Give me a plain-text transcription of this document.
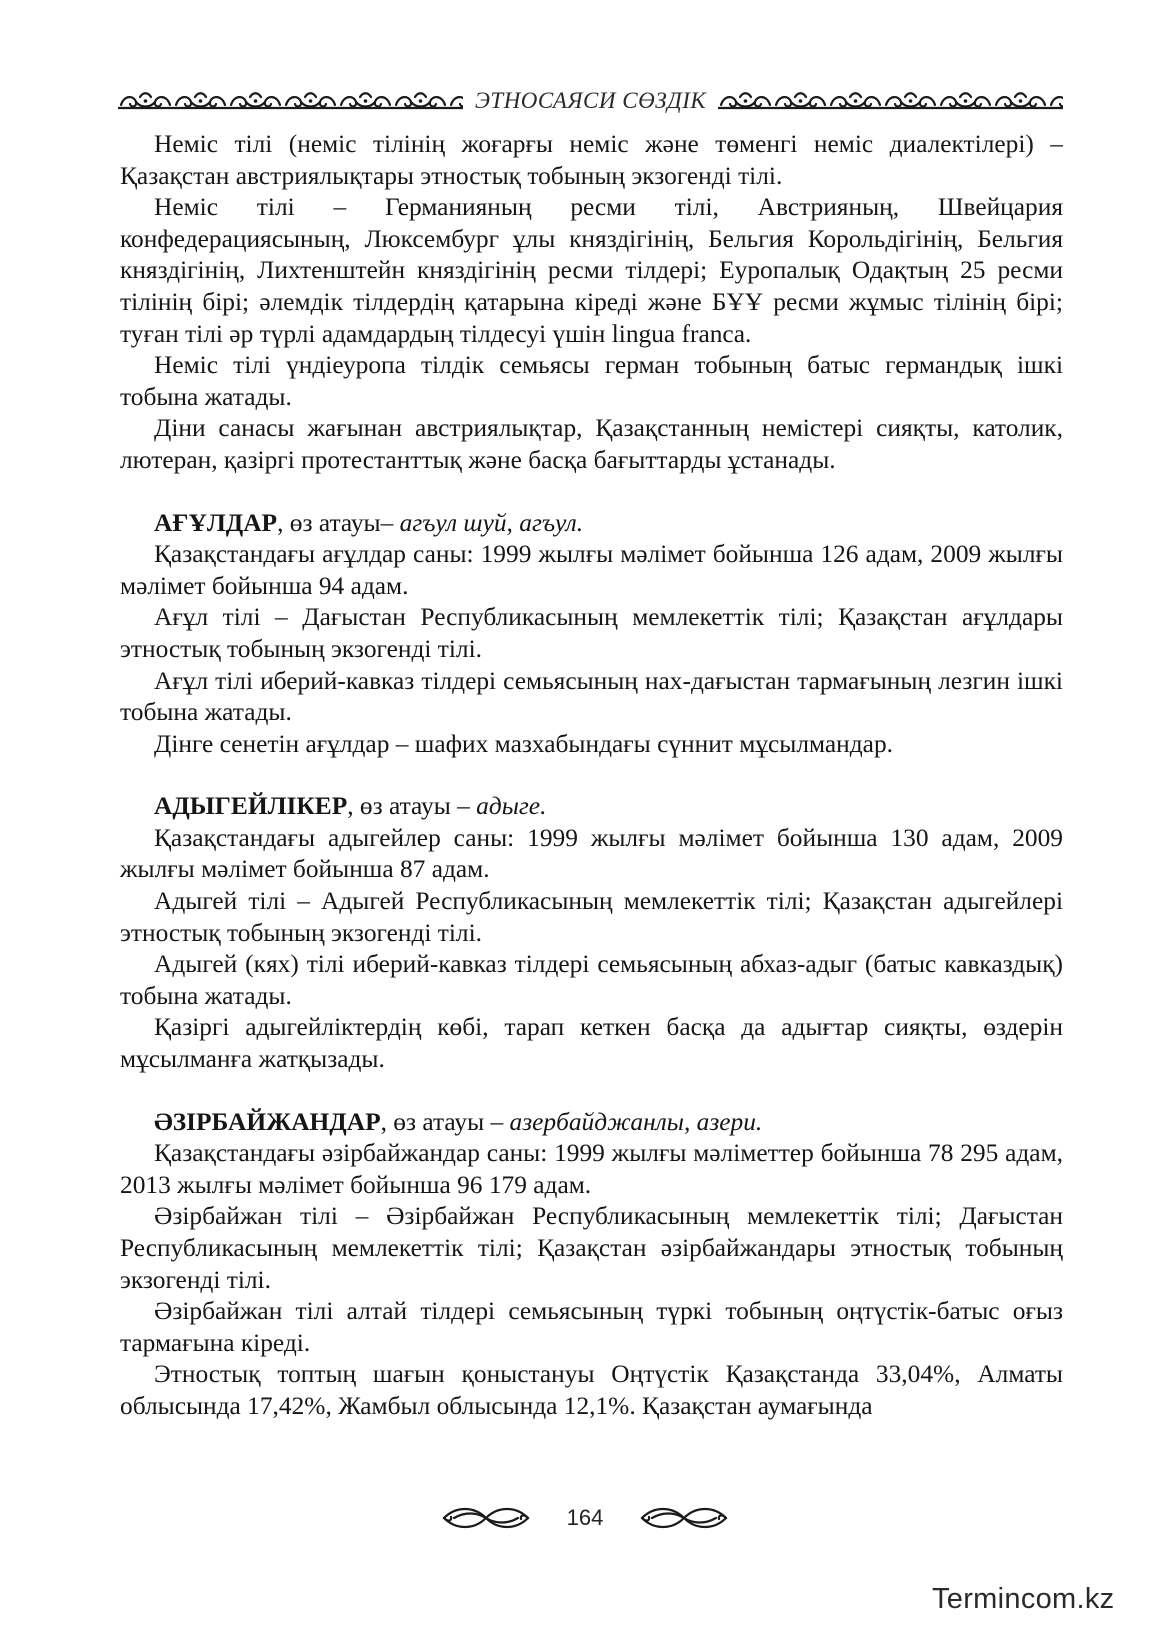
ЭТНОСАЯСИ СӨЗДІК

Неміс тілі (неміс тілінің жоғарғы неміс және төменгі неміс диалектілері) – Қазақстан австриялықтары этностық тобының экзогенді тілі.

Неміс тілі – Германияның ресми тілі, Австрияның, Швейцария конфедерациясының, Люксембург ұлы княздігінің, Бельгия Корольдігінің, Бельгия княздігінің, Лихтенштейн княздігінің ресми тілдері; Еуропалық Одақтың 25 ресми тілінің бірі; әлемдік тілдердің қатарына кіреді және БҰҰ ресми жұмыс тілінің бірі; туған тілі әр түрлі адамдардың тілдесуі үшін lingua franca.

Неміс тілі үндіеуропа тілдік семьясы герман тобының батыс германдық ішкі тобына жатады.

Діни санасы жағынан австриялықтар, Қазақстанның немістері сияқты, католик, лютеран, қазіргі протестанттық және басқа бағыттарды ұстанады.

АҒҰЛДАР, өз атауы– агъул шуй, агъул.

Қазақстандағы ағұлдар саны: 1999 жылғы мәлімет бойынша 126 адам, 2009 жылғы мәлімет бойынша 94 адам.

Ағұл тілі – Дағыстан Республикасының мемлекеттік тілі; Қазақстан ағұлдары этностық тобының экзогенді тілі.

Ағұл тілі иберий-кавказ тілдері семьясының нах-дағыстан тармағының лезгин ішкі тобына жатады.

Дінге сенетін ағұлдар – шафих мазхабындағы сүннит мұсылмандар.

АДЫГЕЙЛІКЕР, өз атауы – адыге.

Қазақстандағы адыгейлер саны: 1999 жылғы мәлімет бойынша 130 адам, 2009 жылғы мәлімет бойынша 87 адам.

Адыгей тілі – Адыгей Республикасының мемлекеттік тілі; Қазақстан адыгейлері этностық тобының экзогенді тілі.

Адыгей (кях) тілі иберий-кавказ тілдері семьясының абхаз-адыг (батыс кавказдық) тобына жатады.

Қазіргі адыгейліктердің көбі, тарап кеткен басқа да адығтар сияқты, өздерін мұсылманға жатқызады.

ӘЗІРБАЙЖАНДАР, өз атауы – азербайджанлы, азери.

Қазақстандағы әзірбайжандар саны: 1999 жылғы мәліметтер бойынша 78 295 адам, 2013 жылғы мәлімет бойынша 96 179 адам.

Әзірбайжан тілі – Әзірбайжан Республикасының мемлекеттік тілі; Дағыстан Республикасының мемлекеттік тілі; Қазақстан әзірбайжандары этностық тобының экзогенді тілі.

Әзірбайжан тілі алтай тілдері семьясының түркі тобының оңтүстік-батыс оғыз тармағына кіреді.

Этностық топтың шағын қоныстануы Оңтүстік Қазақстанда 33,04%, Алматы облысында 17,42%, Жамбыл облысында 12,1%. Қазақстан аумағында

164
Termincom.kz
